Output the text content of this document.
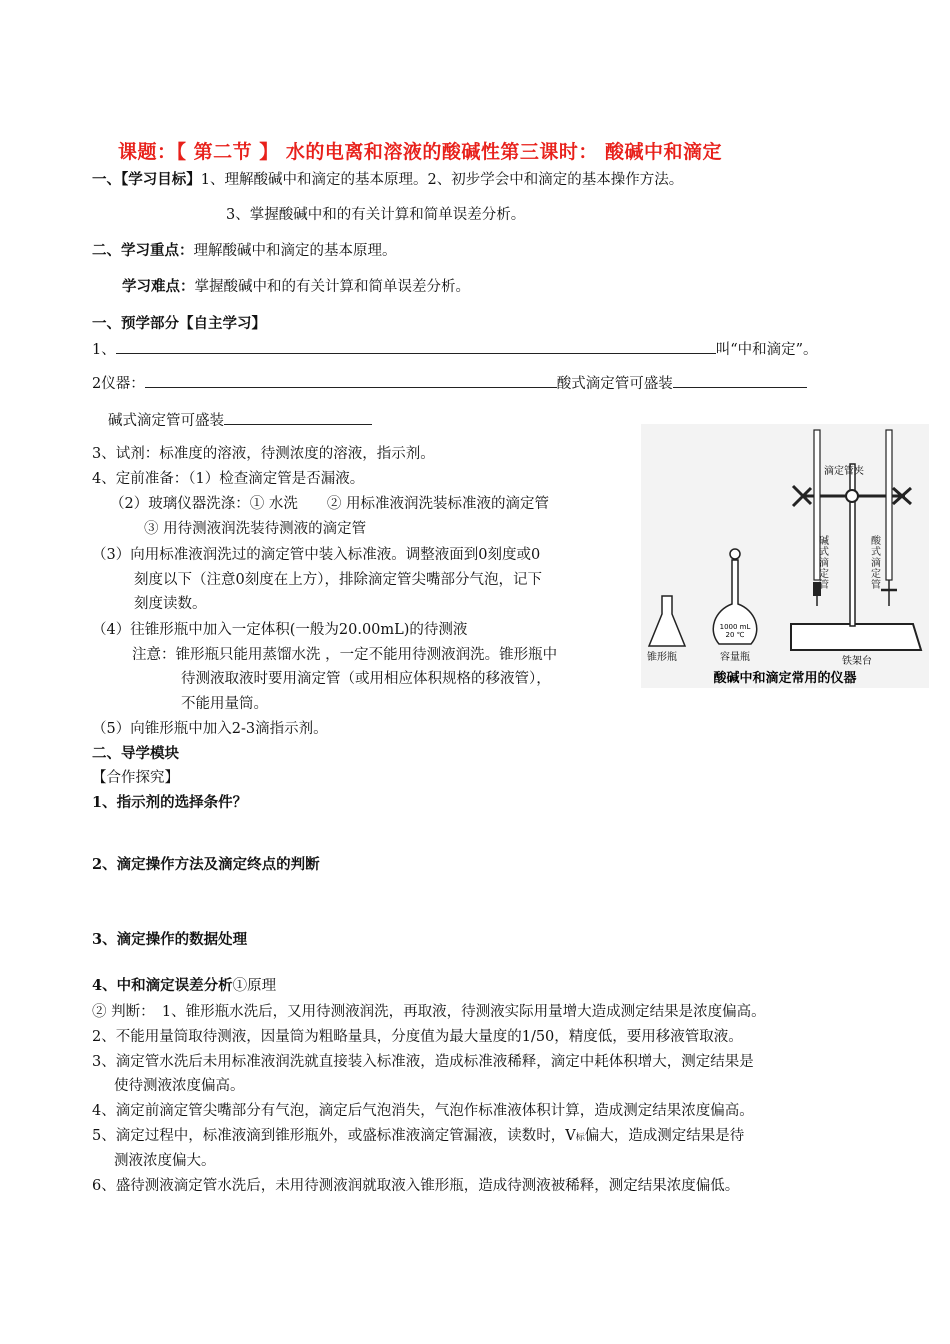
课题：【 第二节 】 水的电离和溶液的酸碱性第三课时： 酸碱中和滴定
一、【学习目标】1、理解酸碱中和滴定的基本原理。2、初步学会中和滴定的基本操作方法。
3、掌握酸碱中和的有关计算和简单误差分析。
二、学习重点：理解酸碱中和滴定的基本原理。
学习难点：掌握酸碱中和的有关计算和简单误差分析。
一、预学部分【自主学习】
1、	叫“中和滴定”。
2仪器：	酸式滴定管可盛装
碱式滴定管可盛装
3、试剂：标准度的溶液，待测浓度的溶液，指示剂。
4、定前准备：（1）检查滴定管是否漏液。
（2）玻璃仪器洗涤：① 水洗　　② 用标准液润洗装标准液的滴定管
③ 用待测液润洗装待测液的滴定管
（3）向用标准液润洗过的滴定管中装入标准液。调整液面到0刻度或0
刻度以下（注意0刻度在上方），排除滴定管尖嘴部分气泡，记下
刻度读数。
（4）往锥形瓶中加入一定体积(一般为20.00mL)的待测液
注意：锥形瓶只能用蒸馏水洗 ，一定不能用待测液润洗。锥形瓶中
待测液取液时要用滴定管（或用相应体积规格的移液管），
不能用量筒。
（5）向锥形瓶中加入2-3滴指示剂。
1000 mL
20 ℃
滴定管夹
锥形瓶	容量瓶	铁架台
酸碱中和滴定常用的仪器
碱式滴定管
酸式滴定管
二、导学模块
【合作探究】
1、指示剂的选择条件？
2、滴定操作方法及滴定终点的判断
3、滴定操作的数据处理
4、中和滴定误差分析①原理
② 判断：　1、锥形瓶水洗后，又用待测液润洗，再取液，待测液实际用量增大造成测定结果是浓度偏高。
2、不能用量筒取待测液，因量筒为粗略量具，分度值为最大量度的1/50，精度低，要用移液管取液。
3、滴定管水洗后未用标准液润洗就直接装入标准液，造成标准液稀释，滴定中耗体积增大，测定结果是
使待测液浓度偏高。
4、滴定前滴定管尖嘴部分有气泡，滴定后气泡消失，气泡作标准液体积计算，造成测定结果浓度偏高。
5、滴定过程中，标准液滴到锥形瓶外，或盛标准液滴定管漏液，读数时，V标偏大，造成测定结果是待
测液浓度偏大。
6、盛待测液滴定管水洗后，未用待测液润就取液入锥形瓶，造成待测液被稀释，测定结果浓度偏低。
